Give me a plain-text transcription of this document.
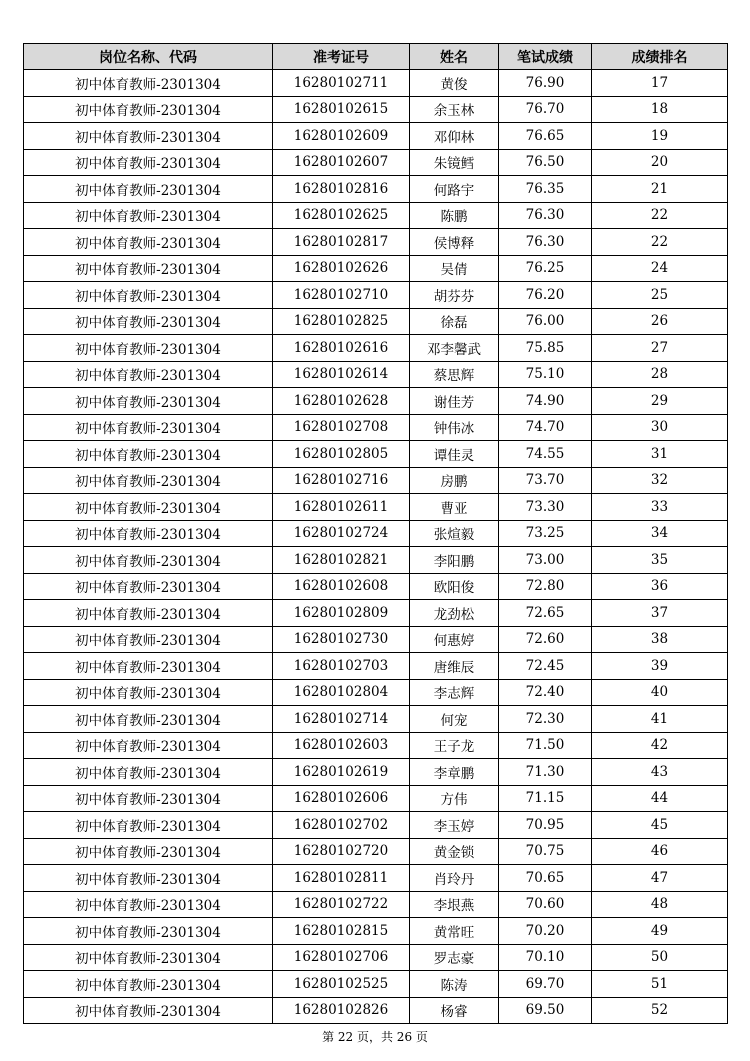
岗位名称、代码	准考证号	姓名	笔试成绩	成绩排名
初中体育教师-2301304	16280102711	黄俊	76.90	17
初中体育教师-2301304	16280102615	余玉林	76.70	18
初中体育教师-2301304	16280102609	邓仰林	76.65	19
初中体育教师-2301304	16280102607	朱镜鳕	76.50	20
初中体育教师-2301304	16280102816	何路宇	76.35	21
初中体育教师-2301304	16280102625	陈鹏	76.30	22
初中体育教师-2301304	16280102817	侯博释	76.30	22
初中体育教师-2301304	16280102626	吴倩	76.25	24
初中体育教师-2301304	16280102710	胡芬芬	76.20	25
初中体育教师-2301304	16280102825	徐磊	76.00	26
初中体育教师-2301304	16280102616	邓李馨武	75.85	27
初中体育教师-2301304	16280102614	蔡思辉	75.10	28
初中体育教师-2301304	16280102628	谢佳芳	74.90	29
初中体育教师-2301304	16280102708	钟伟冰	74.70	30
初中体育教师-2301304	16280102805	谭佳灵	74.55	31
初中体育教师-2301304	16280102716	房鹏	73.70	32
初中体育教师-2301304	16280102611	曹亚	73.30	33
初中体育教师-2301304	16280102724	张煊毅	73.25	34
初中体育教师-2301304	16280102821	李阳鹏	73.00	35
初中体育教师-2301304	16280102608	欧阳俊	72.80	36
初中体育教师-2301304	16280102809	龙劲松	72.65	37
初中体育教师-2301304	16280102730	何惠婷	72.60	38
初中体育教师-2301304	16280102703	唐维辰	72.45	39
初中体育教师-2301304	16280102804	李志辉	72.40	40
初中体育教师-2301304	16280102714	何宠	72.30	41
初中体育教师-2301304	16280102603	王子龙	71.50	42
初中体育教师-2301304	16280102619	李章鹏	71.30	43
初中体育教师-2301304	16280102606	方伟	71.15	44
初中体育教师-2301304	16280102702	李玉婷	70.95	45
初中体育教师-2301304	16280102720	黄金锁	70.75	46
初中体育教师-2301304	16280102811	肖玲丹	70.65	47
初中体育教师-2301304	16280102722	李垠燕	70.60	48
初中体育教师-2301304	16280102815	黄常旺	70.20	49
初中体育教师-2301304	16280102706	罗志豪	70.10	50
初中体育教师-2301304	16280102525	陈涛	69.70	51
初中体育教师-2301304	16280102826	杨睿	69.50	52
第 22 页，共 26 页
